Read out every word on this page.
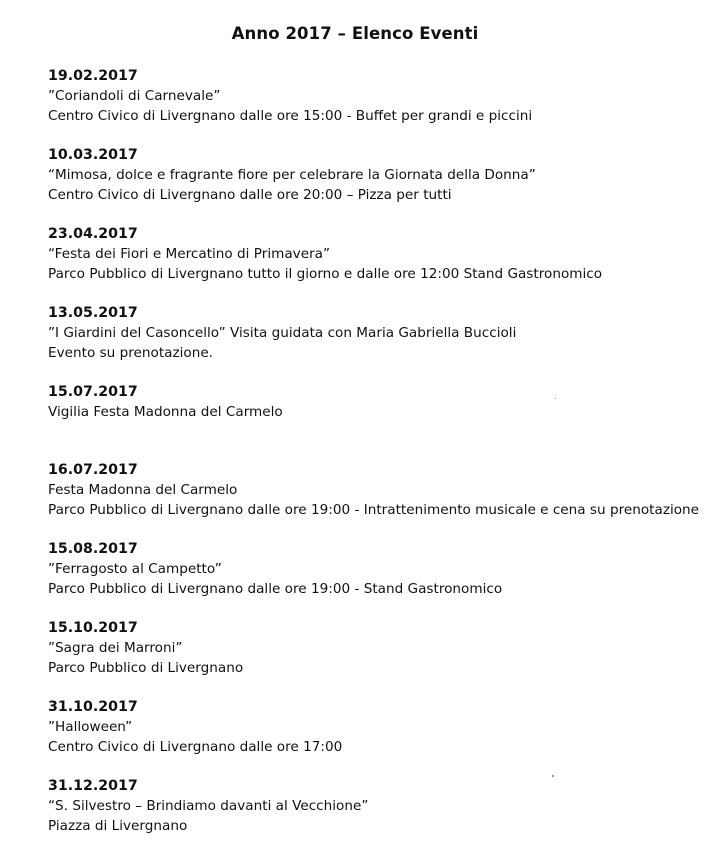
Anno 2017 – Elenco Eventi
19.02.2017
”Coriandoli di Carnevale”
Centro Civico di Livergnano dalle ore 15:00 - Buffet per grandi e piccini
10.03.2017
“Mimosa, dolce e fragrante fiore per celebrare la Giornata della Donna”
Centro Civico di Livergnano dalle ore 20:00 – Pizza per tutti
23.04.2017
“Festa dei Fiori e Mercatino di Primavera”
Parco Pubblico di Livergnano tutto il giorno e dalle ore 12:00 Stand Gastronomico
13.05.2017
”I Giardini del Casoncello” Visita guidata con Maria Gabriella Buccioli
Evento su prenotazione.
15.07.2017
Vigilia Festa Madonna del Carmelo
16.07.2017
Festa Madonna del Carmelo
Parco Pubblico di Livergnano dalle ore 19:00 - Intrattenimento musicale e cena su prenotazione
15.08.2017
”Ferragosto al Campetto”
Parco Pubblico di Livergnano dalle ore 19:00 - Stand Gastronomico
15.10.2017
”Sagra dei Marroni”
Parco Pubblico di Livergnano
31.10.2017
”Halloween”
Centro Civico di Livergnano dalle ore 17:00
31.12.2017
“S. Silvestro – Brindiamo davanti al Vecchione”
Piazza di Livergnano
